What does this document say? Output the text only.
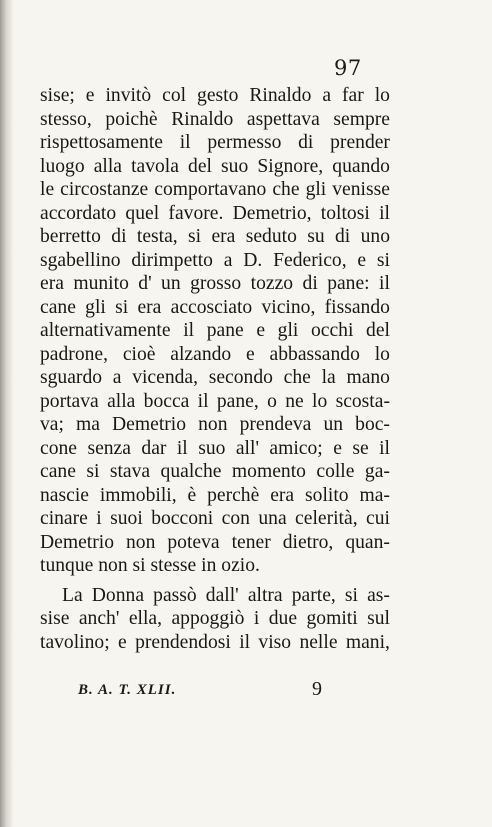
97
sise; e invitò col gesto Rinaldo a far lo
stesso, poichè Rinaldo aspettava sempre
rispettosamente il permesso di prender
luogo alla tavola del suo Signore, quando
le circostanze comportavano che gli venisse
accordato quel favore. Demetrio, toltosi il
berretto di testa, si era seduto su di uno
sgabellino dirimpetto a D. Federico, e si
era munito d' un grosso tozzo di pane: il
cane gli si era accosciato vicino, fissando
alternativamente il pane e gli occhi del
padrone, cioè alzando e abbassando lo
sguardo a vicenda, secondo che la mano
portava alla bocca il pane, o ne lo scosta-
va; ma Demetrio non prendeva un boc-
cone senza dar il suo all' amico; e se il
cane si stava qualche momento colle ga-
nascie immobili, è perchè era solito ma-
cinare i suoi bocconi con una celerità, cui
Demetrio non poteva tener dietro, quan-
tunque
non
si
stesse
in
ozio.
La Donna passò dall' altra parte, si as-
sise anch' ella, appoggiò i due gomiti sul
tavolino; e prendendosi il viso nelle mani,
B. A. T. XLII.	9
